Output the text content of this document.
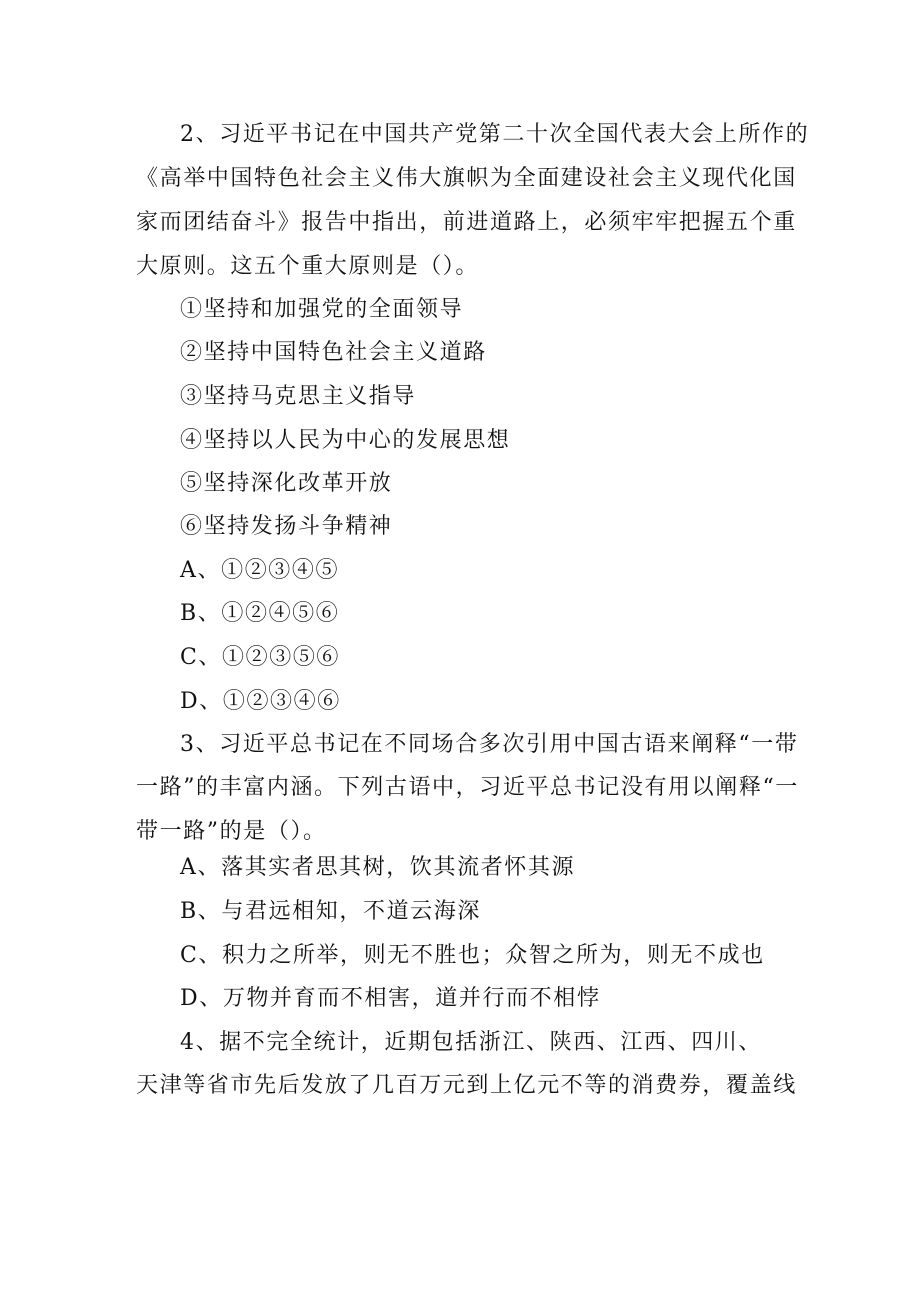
2、习近平书记在中国共产党第二十次全国代表大会上所作的
《高举中国特色社会主义伟大旗帜为全面建设社会主义现代化国
家而团结奋斗》报告中指出，前进道路上，必须牢牢把握五个重
大原则。这五个重大原则是（）。
①坚持和加强党的全面领导
②坚持中国特色社会主义道路
③坚持马克思主义指导
④坚持以人民为中心的发展思想
⑤坚持深化改革开放
⑥坚持发扬斗争精神
A、①②③④⑤
B、①②④⑤⑥
C、①②③⑤⑥
D、①②③④⑥
3、习近平总书记在不同场合多次引用中国古语来阐释“一带
一路”的丰富内涵。下列古语中，习近平总书记没有用以阐释“一
带一路”的是（）。
A、落其实者思其树，饮其流者怀其源
B、与君远相知，不道云海深
C、积力之所举，则无不胜也；众智之所为，则无不成也
D、万物并育而不相害，道并行而不相悖
4、据不完全统计，近期包括浙江、陕西、江西、四川、
天津等省市先后发放了几百万元到上亿元不等的消费券，覆盖线
